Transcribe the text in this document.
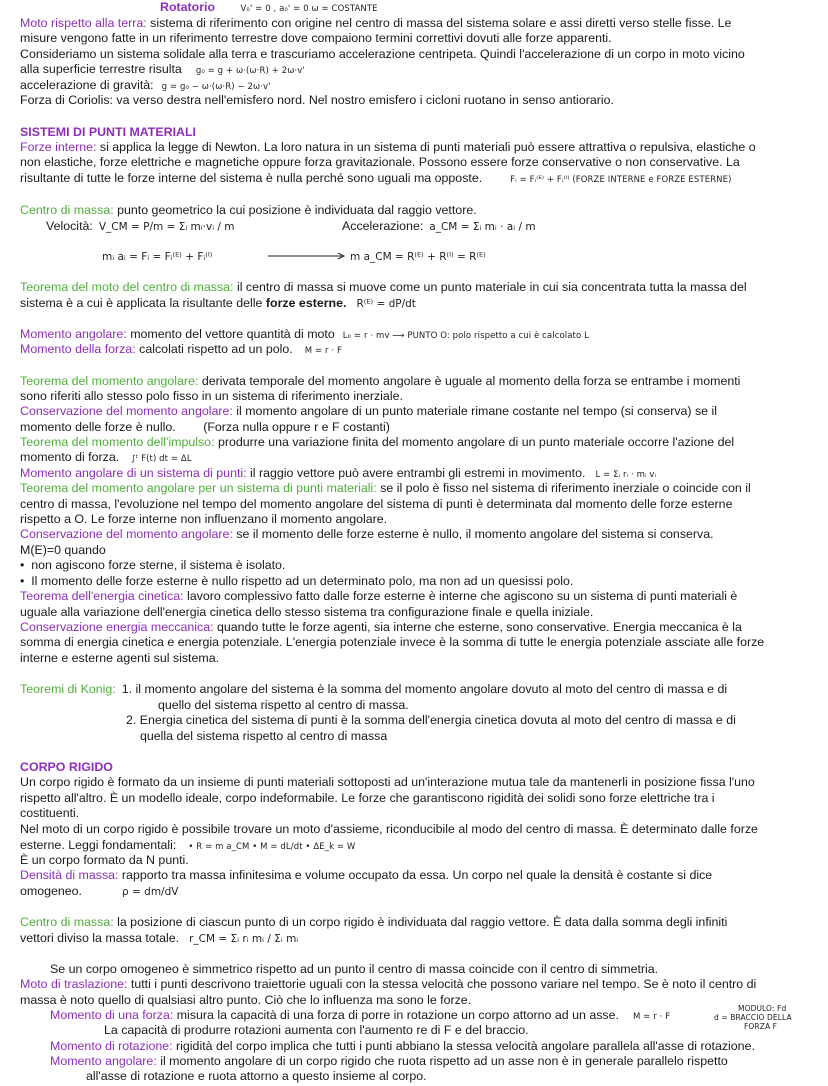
Rotatorio	V₀' = 0 , a₀' = 0 ω = COSTANTE
Moto rispetto alla terra: sistema di riferimento con origine nel centro di massa del sistema solare e assi diretti verso stelle fisse. Le
misure vengono fatte in un riferimento terrestre dove compaiono termini correttivi dovuti alle forze apparenti.
Consideriamo un sistema solidale alla terra e trascuriamo accelerazione centripeta. Quindi l'accelerazione di un corpo in moto vicino
alla superficie terrestre risulta g₀ = g + ω·(ω·R) + 2ω·v'
accelerazione di gravità: g = g₀ − ω·(ω·R) − 2ω·v'
Forza di Coriolis: va verso destra nell'emisfero nord. Nel nostro emisfero i cicloni ruotano in senso antiorario.
SISTEMI DI PUNTI MATERIALI
Forze interne: si applica la legge di Newton. La loro natura in un sistema di punti materiali può essere attrattiva o repulsiva, elastiche o
non elastiche, forze elettriche e magnetiche oppure forza gravitazionale. Possono essere forze conservative o non conservative. La
risultante di tutte le forze interne del sistema è nulla perché sono uguali ma opposte.	Fᵢ = Fᵢ⁽ᴱ⁾ + Fᵢ⁽ᴵ⁾ (FORZE INTERNE e FORZE ESTERNE)
Centro di massa: punto geometrico la cui posizione è individuata dal raggio vettore.
Velocità: V_CM = P/m = Σᵢ mᵢ·vᵢ / m	Accelerazione: a_CM = Σᵢ mᵢ · aᵢ / m
mᵢ aᵢ = Fᵢ = Fᵢ⁽ᴱ⁾ + Fᵢ⁽ᴵ⁾	m a_CM = R⁽ᴱ⁾ + R⁽ᴵ⁾ = R⁽ᴱ⁾
Teorema del moto del centro di massa: il centro di massa si muove come un punto materiale in cui sia concentrata tutta la massa del
sistema è a cui è applicata la risultante delle forze esterne. R⁽ᴱ⁾ = dP/dt
Momento angolare: momento del vettore quantità di moto L₀ = r · mv ⟶ PUNTO O: polo rispetto a cui è calcolato L
Momento della forza: calcolati rispetto ad un polo. M = r · F
Teorema del momento angolare: derivata temporale del momento angolare è uguale al momento della forza se entrambe i momenti
sono riferiti allo stesso polo fisso in un sistema di riferimento inerziale.
Conservazione del momento angolare: il momento angolare di un punto materiale rimane costante nel tempo (si conserva) se il
momento delle forze è nullo.        (Forza nulla oppure r e F costanti)
Teorema del momento dell'impulso: produrre una variazione finita del momento angolare di un punto materiale occorre l'azione del
momento di forza. ∫ᵗ F(t) dt = ΔL
Momento angolare di un sistema di punti: il raggio vettore può avere entrambi gli estremi in movimento. L = Σᵢ rᵢ · mᵢ vᵢ
Teorema del momento angolare per un sistema di punti materiali: se il polo è fisso nel sistema di riferimento inerziale o coincide con il
centro di massa, l'evoluzione nel tempo del momento angolare del sistema di punti è determinata dal momento delle forze esterne
rispetto a O. Le forze interne non influenzano il momento angolare.
Conservazione del momento angolare: se il momento delle forze esterne è nullo, il momento angolare del sistema si conserva.
M(E)=0 quando
•  non agiscono forze sterne, il sistema è isolato.
•  Il momento delle forze esterne è nullo rispetto ad un determinato polo, ma non ad un quesissi polo.
Teorema dell'energia cinetica: lavoro complessivo fatto dalle forze esterne è interne che agiscono su un sistema di punti materiali è
uguale alla variazione dell'energia cinetica dello stesso sistema tra configurazione finale e quella iniziale.
Conservazione energia meccanica: quando tutte le forze agenti, sia interne che esterne, sono conservative. Energia meccanica è la
somma di energia cinetica e energia potenziale. L'energia potenziale invece è la somma di tutte le energia potenziale assciate alle forze
interne e esterne agenti sul sistema.
Teoremi di Konig: 1. il momento angolare del sistema è la somma del momento angolare dovuto al moto del centro di massa e di
quello del sistema rispetto al centro di massa.
2. Energia cinetica del sistema di punti è la somma dell'energia cinetica dovuta al moto del centro di massa e di
quella del sistema rispetto al centro di massa
CORPO RIGIDO
Un corpo rigido è formato da un insieme di punti materiali sottoposti ad un'interazione mutua tale da mantenerli in posizione fissa l'uno
rispetto all'altro. È un modello ideale, corpo indeformabile. Le forze che garantiscono rigidità dei solidi sono forze elettriche tra i
costituenti.
Nel moto di un corpo rigido è possibile trovare un moto d'assieme, riconducibile al modo del centro di massa. È determinato dalle forze
esterne. Leggi fondamentali: • R = m a_CM • M = dL/dt • ΔE_k = W
È un corpo formato da N punti.
Densità di massa: rapporto tra massa infinitesima e volume occupato da essa. Un corpo nel quale la densità è costante si dice
omogeneo.	ρ = dm/dV
Centro di massa: la posizione di ciascun punto di un corpo rigido è individuata dal raggio vettore. È data dalla somma degli infiniti
vettori diviso la massa totale. r_CM = Σᵢ rᵢ mᵢ / Σᵢ mᵢ
Se un corpo omogeneo è simmetrico rispetto ad un punto il centro di massa coincide con il centro di simmetria.
Moto di traslazione: tutti i punti descrivono traiettorie uguali con la stessa velocità che possono variare nel tempo. Se è noto il centro di
massa è noto quello di qualsiasi altro punto. Ciò che lo influenza ma sono le forze.
Momento di una forza: misura la capacità di una forza di porre in rotazione un corpo attorno ad un asse. M = r · F
MODULO: Fd
d = BRACCIO DELLA
FORZA F
La capacità di produrre rotazioni aumenta con l'aumento re di F e del braccio.
Momento di rotazione: rigidità del corpo implica che tutti i punti abbiano la stessa velocità angolare parallela all'asse di rotazione.
Momento angolare: il momento angolare di un corpo rigido che ruota rispetto ad un asse non è in generale parallelo rispetto
all'asse di rotazione e ruota attorno a questo insieme al corpo.
